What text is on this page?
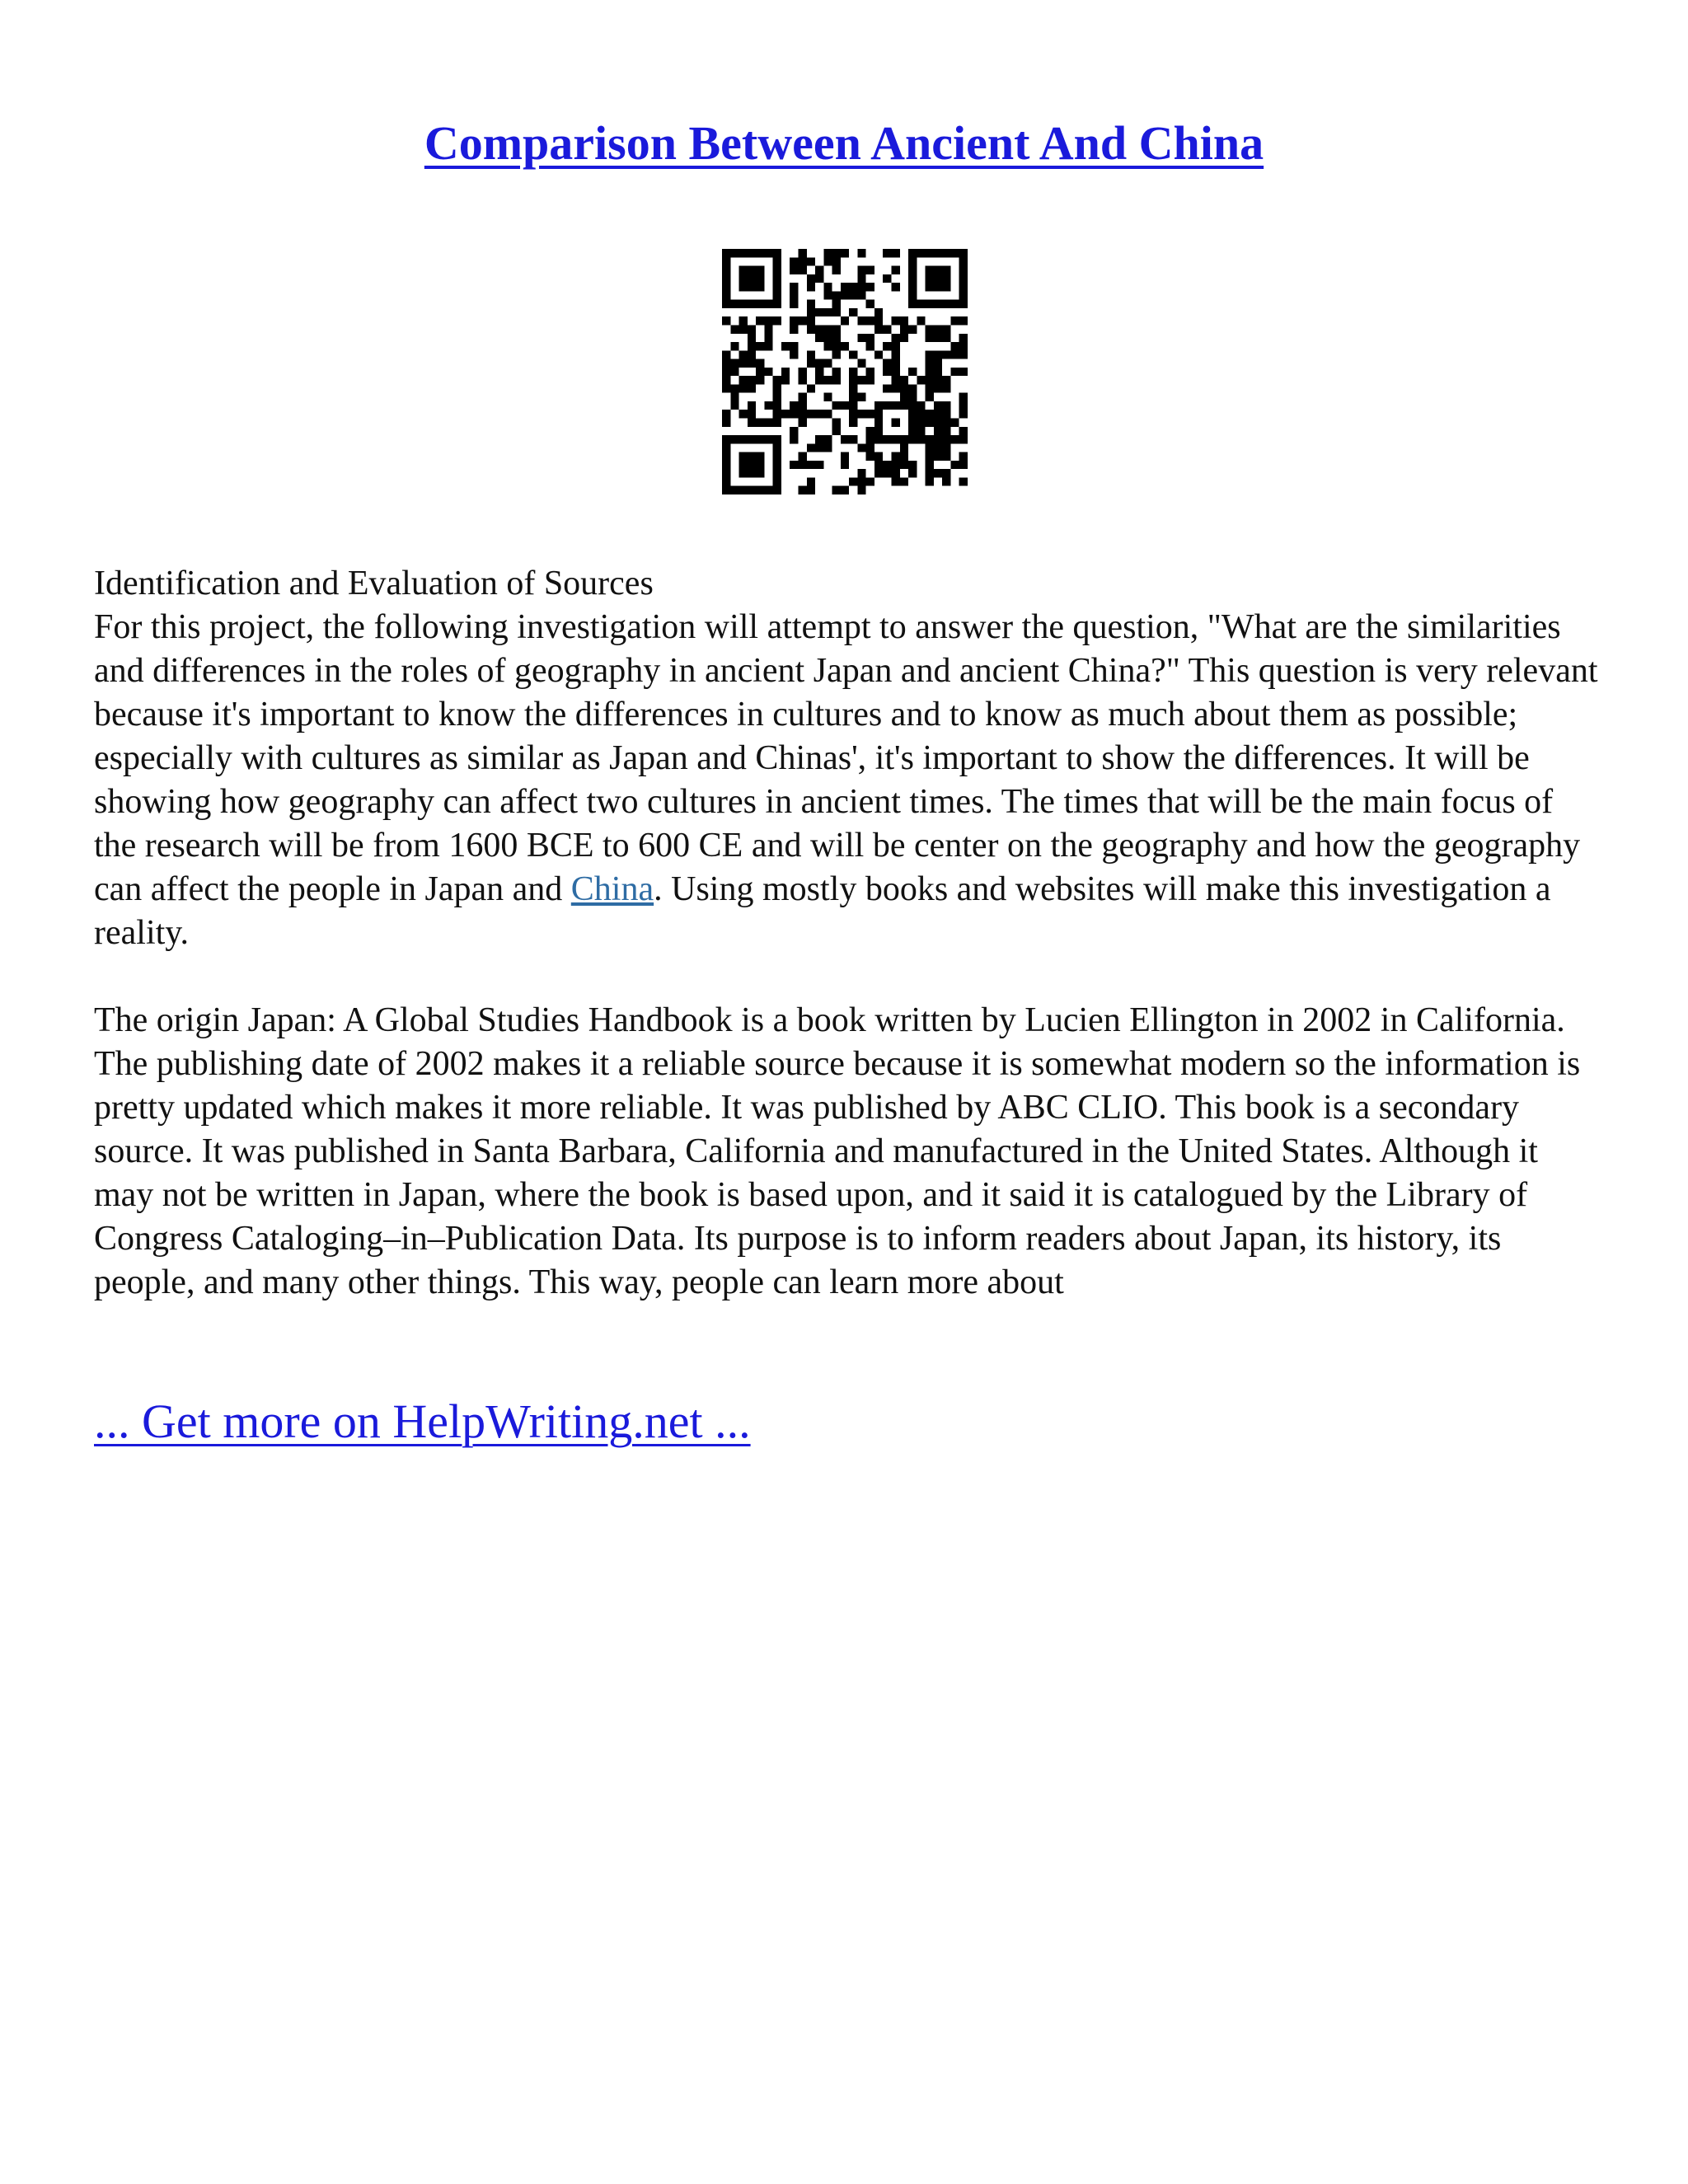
Comparison Between Ancient And China

Identification and Evaluation of Sources

For this project, the following investigation will attempt to answer the question, "What are the similarities and differences in the roles of geography in ancient Japan and ancient China?" This question is very relevant because it's important to know the differences in cultures and to know as much about them as possible; especially with cultures as similar as Japan and Chinas', it's important to show the differences. It will be showing how geography can affect two cultures in ancient times. The times that will be the main focus of the research will be from 1600 BCE to 600 CE and will be center on the geography and how the geography can affect the people in Japan and China. Using mostly books and websites will make this investigation a reality.

The origin Japan: A Global Studies Handbook is a book written by Lucien Ellington in 2002 in California. The publishing date of 2002 makes it a reliable source because it is somewhat modern so the information is pretty updated which makes it more reliable. It was published by ABC CLIO. This book is a secondary source. It was published in Santa Barbara, California and manufactured in the United States. Although it may not be written in Japan, where the book is based upon, and it said it is catalogued by the Library of Congress Cataloging–in–Publication Data. Its purpose is to inform readers about Japan, its history, its people, and many other things. This way, people can learn more about

... Get more on HelpWriting.net ...
